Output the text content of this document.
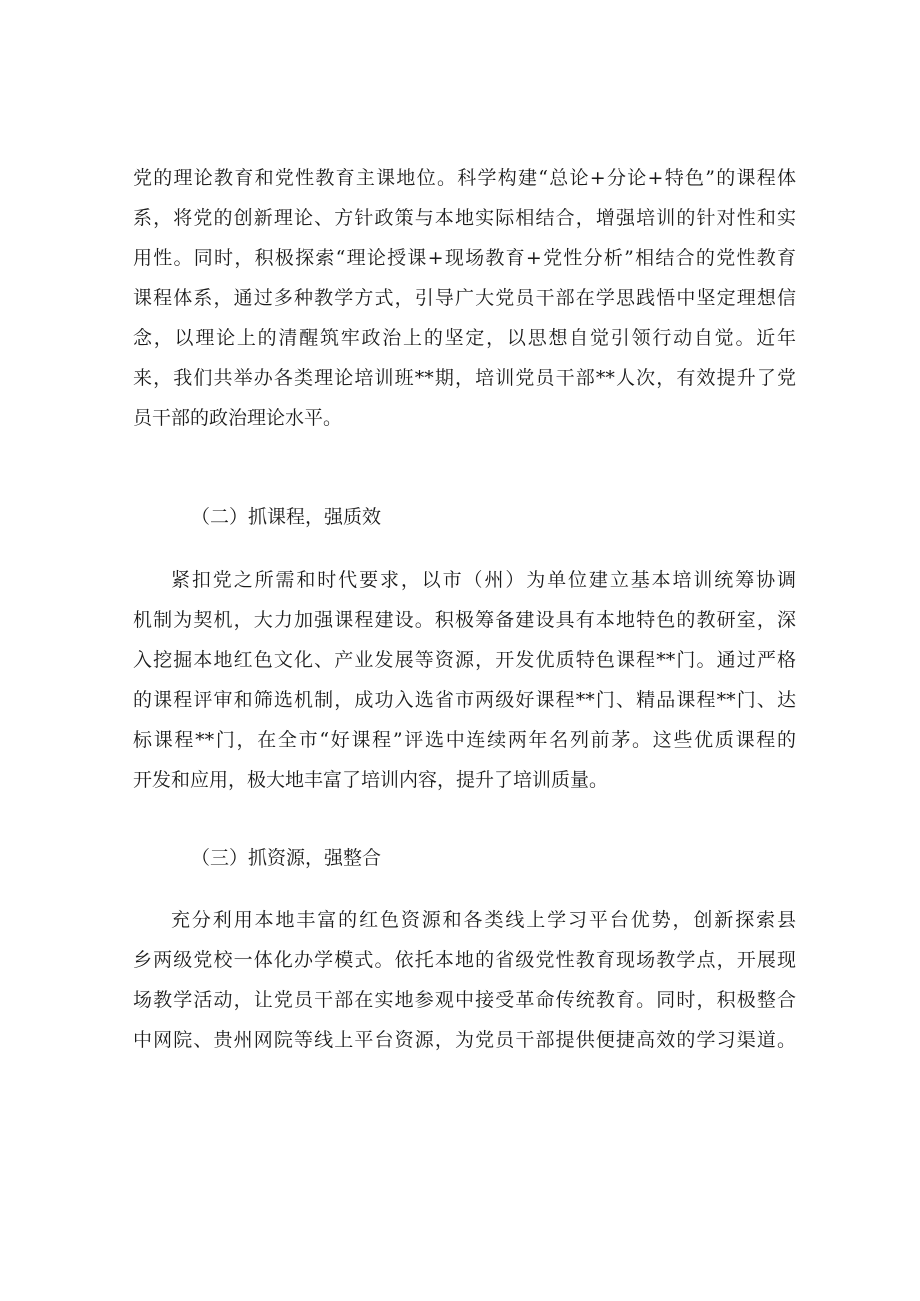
党的理论教育和党性教育主课地位。科学构建“总论+分论+特色”的课程体
系，将党的创新理论、方针政策与本地实际相结合，增强培训的针对性和实
用性。同时，积极探索“理论授课+现场教育+党性分析”相结合的党性教育
课程体系，通过多种教学方式，引导广大党员干部在学思践悟中坚定理想信
念，以理论上的清醒筑牢政治上的坚定，以思想自觉引领行动自觉。近年
来，我们共举办各类理论培训班**期，培训党员干部**人次，有效提升了党
员干部的政治理论水平。
（二）抓课程，强质效
紧扣党之所需和时代要求，以市（州）为单位建立基本培训统筹协调
机制为契机，大力加强课程建设。积极筹备建设具有本地特色的教研室，深
入挖掘本地红色文化、产业发展等资源，开发优质特色课程**门。通过严格
的课程评审和筛选机制，成功入选省市两级好课程**门、精品课程**门、达
标课程**门，在全市“好课程”评选中连续两年名列前茅。这些优质课程的
开发和应用，极大地丰富了培训内容，提升了培训质量。
（三）抓资源，强整合
充分利用本地丰富的红色资源和各类线上学习平台优势，创新探索县
乡两级党校一体化办学模式。依托本地的省级党性教育现场教学点，开展现
场教学活动，让党员干部在实地参观中接受革命传统教育。同时，积极整合
中网院、贵州网院等线上平台资源，为党员干部提供便捷高效的学习渠道。
